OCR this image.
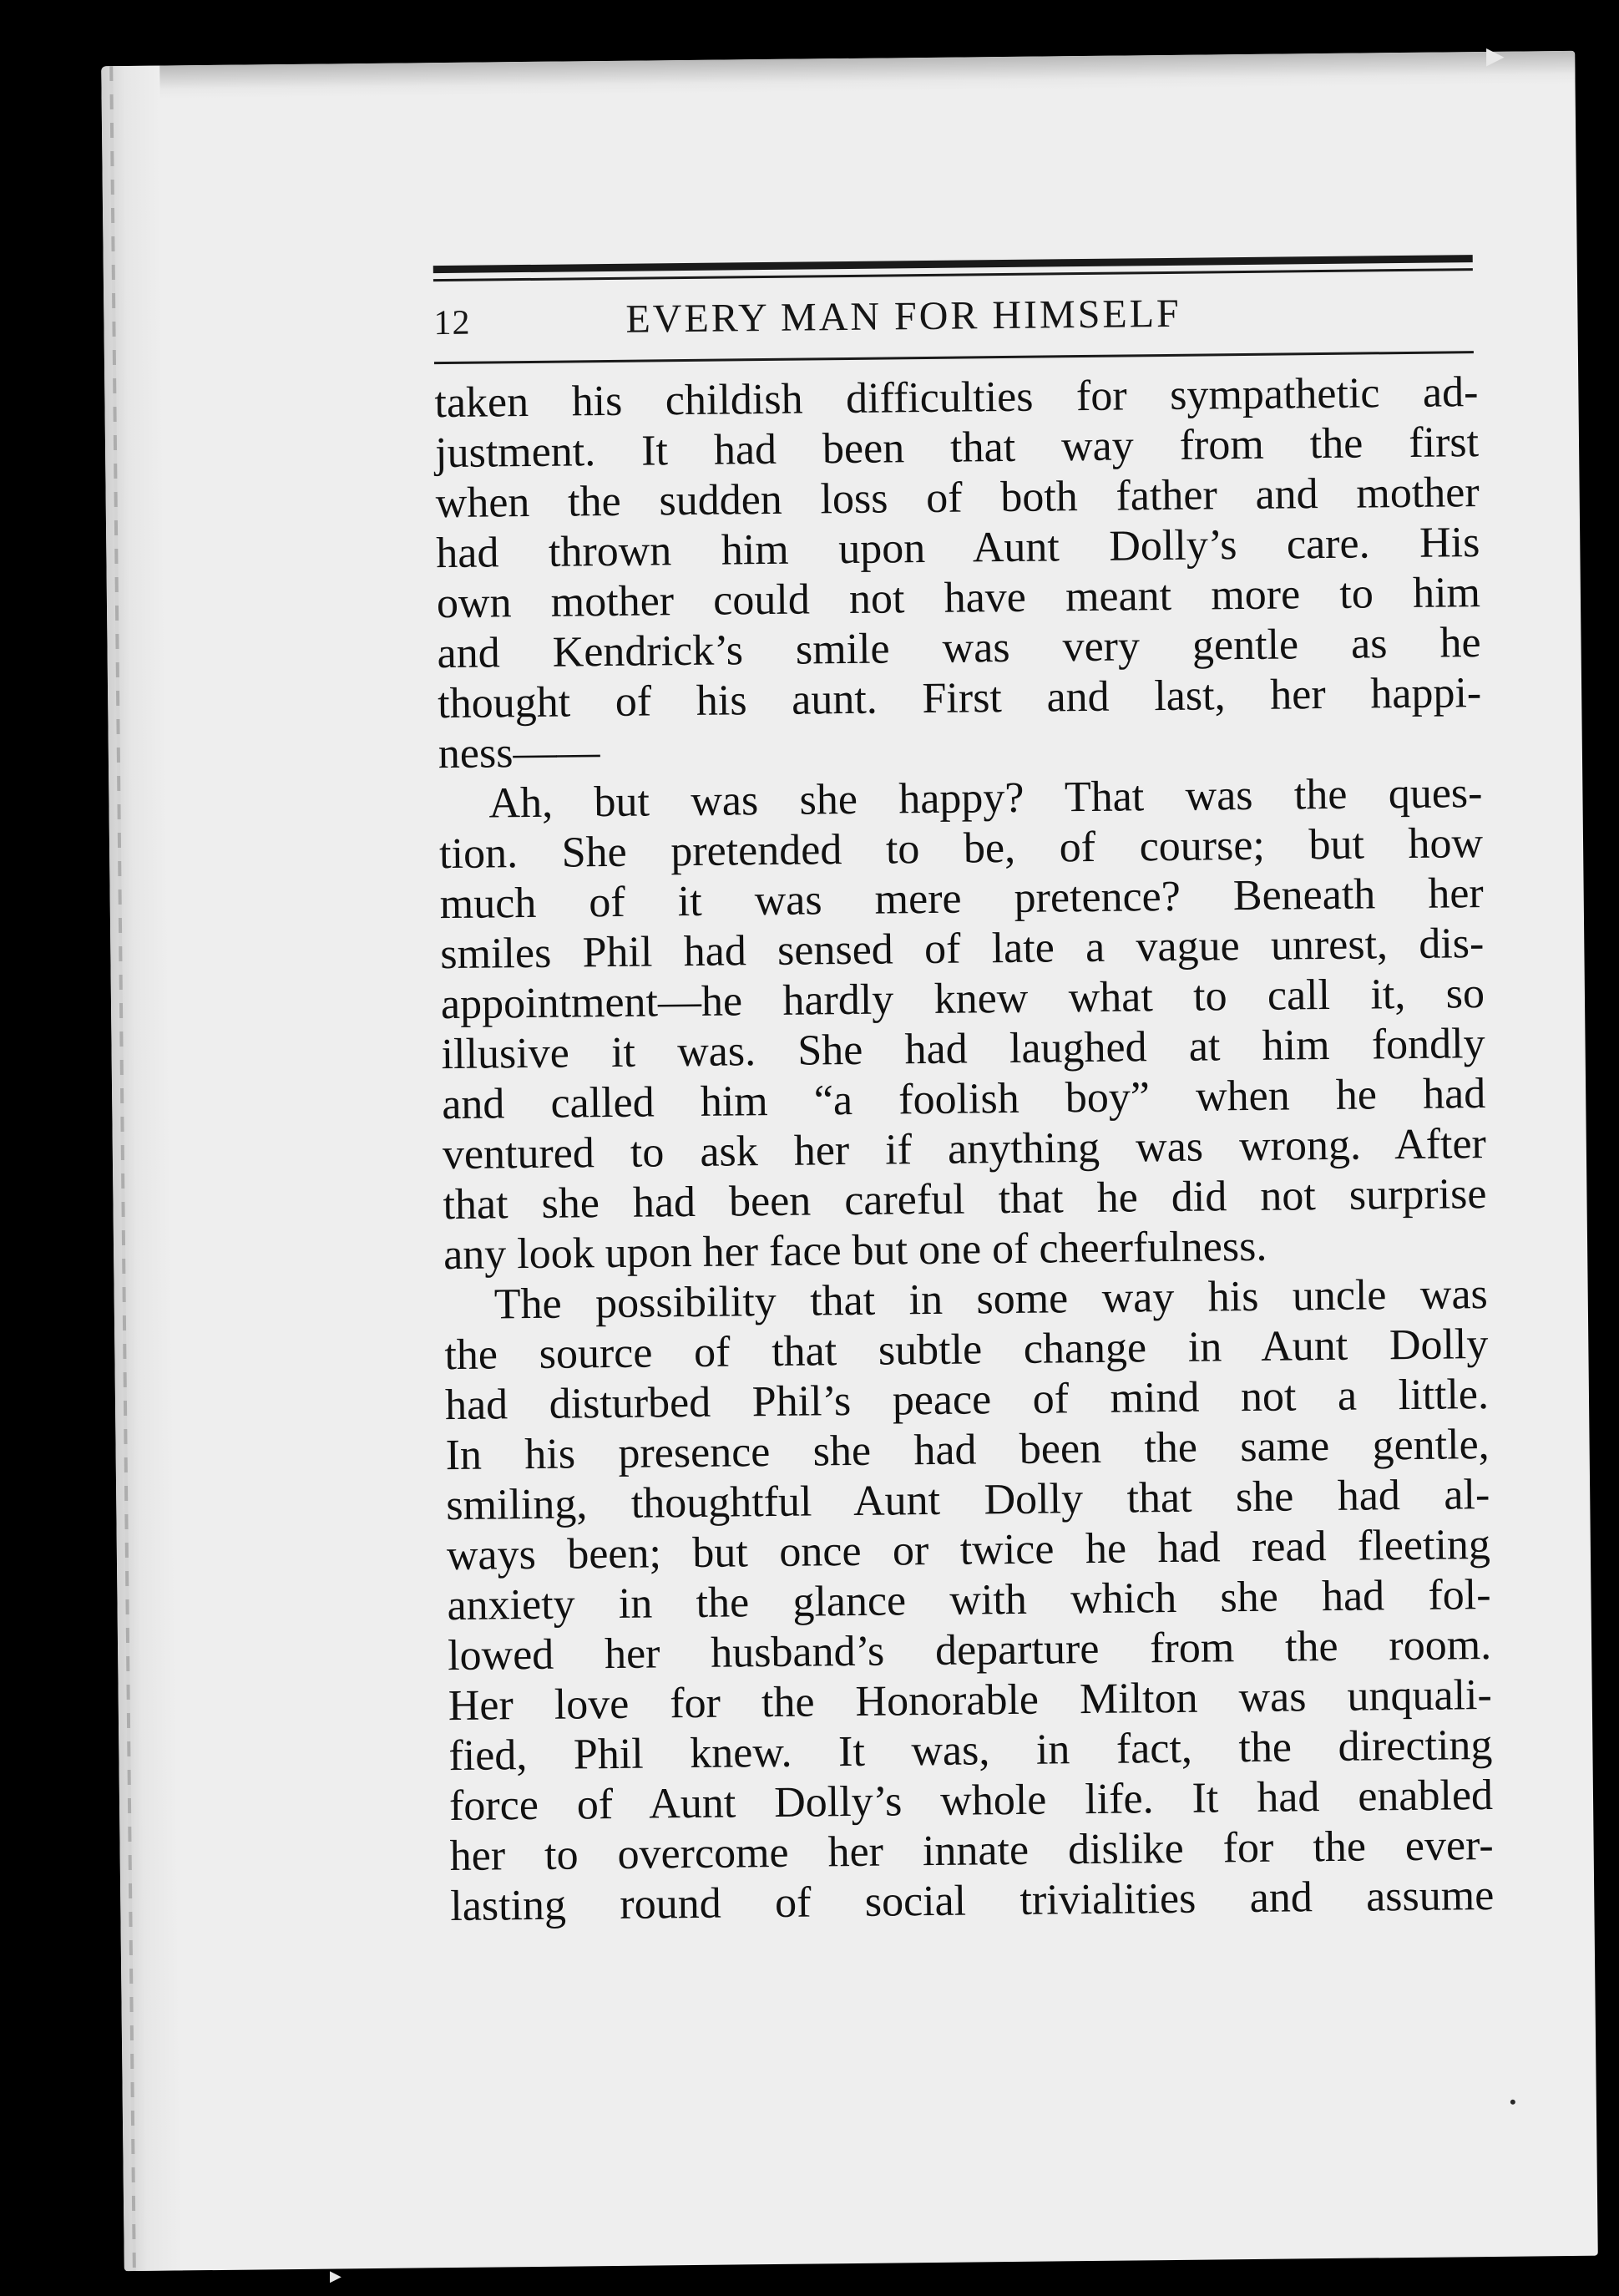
12	EVERY MAN FOR HIMSELF
taken his childish difficulties for sympathetic ad-
justment. It had been that way from the first
when the sudden loss of both father and mother
had thrown him upon Aunt Dolly’s care. His
own mother could not have meant more to him
and Kendrick’s smile was very gentle as he
thought of his aunt. First and last, her happi-
ness——
Ah, but was she happy? That was the ques-
tion. She pretended to be, of course; but how
much of it was mere pretence? Beneath her
smiles Phil had sensed of late a vague unrest, dis-
appointment—he hardly knew what to call it, so
illusive it was. She had laughed at him fondly
and called him “a foolish boy” when he had
ventured to ask her if anything was wrong. After
that she had been careful that he did not surprise
any look upon her face but one of cheerfulness.
The possibility that in some way his uncle was
the source of that subtle change in Aunt Dolly
had disturbed Phil’s peace of mind not a little.
In his presence she had been the same gentle,
smiling, thoughtful Aunt Dolly that she had al-
ways been; but once or twice he had read fleeting
anxiety in the glance with which she had fol-
lowed her husband’s departure from the room.
Her love for the Honorable Milton was unquali-
fied, Phil knew. It was, in fact, the directing
force of Aunt Dolly’s whole life. It had enabled
her to overcome her innate dislike for the ever-
lasting round of social trivialities and assume
▶
▶
